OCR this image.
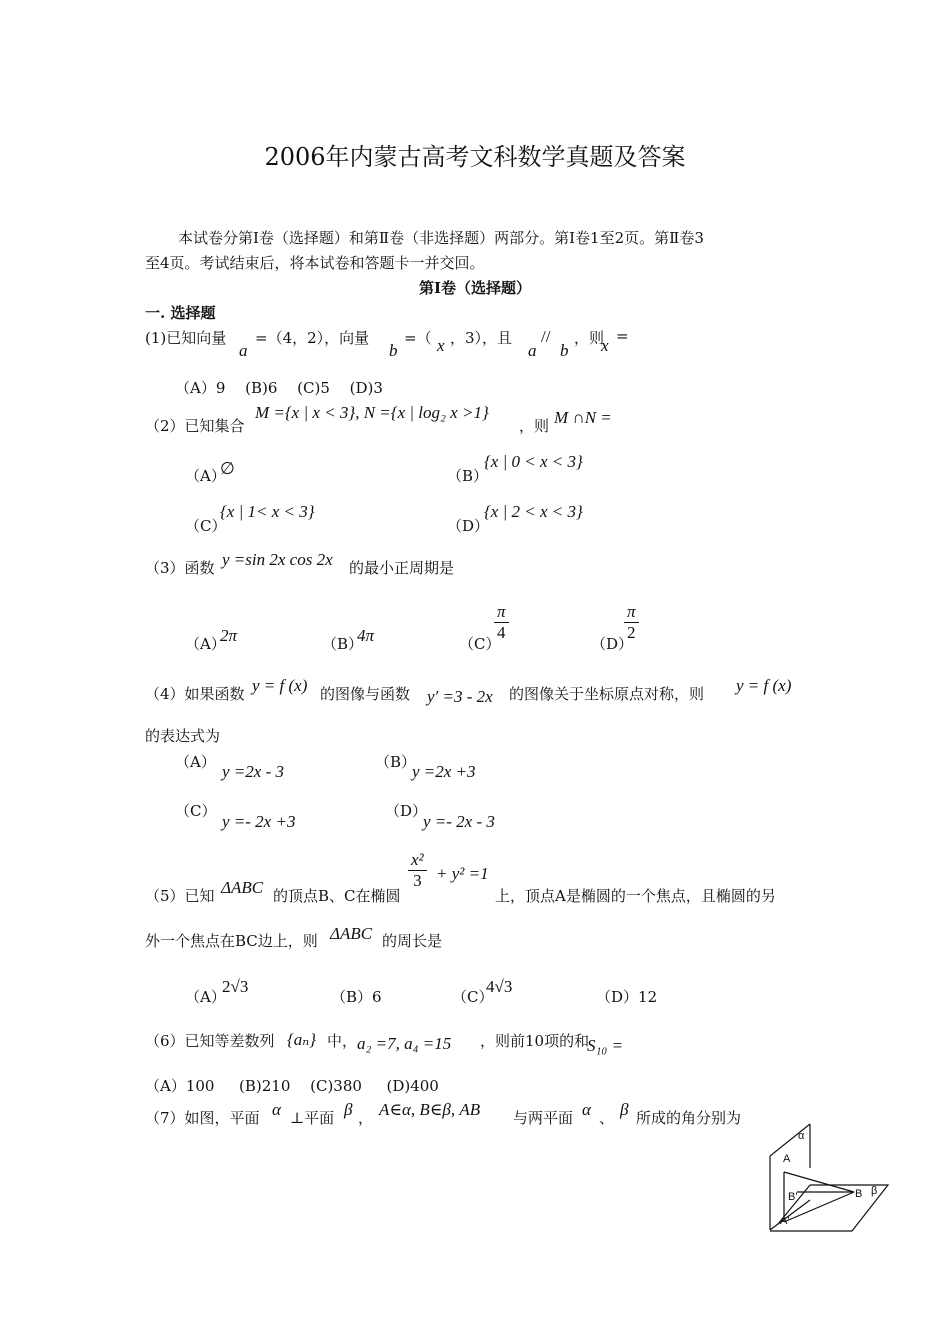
2006年内蒙古高考文科数学真题及答案
本试卷分第Ⅰ卷（选择题）和第Ⅱ卷（非选择题）两部分。第Ⅰ卷1至2页。第Ⅱ卷3
至4页。考试结束后，将本试卷和答题卡一并交回。
第Ⅰ卷（选择题）
一. 选择题
(1)已知向量
a
=（4，2），向量
b
=（ x ，3），且
a
//
b
，则
x =
（A）9 　(B)6 　(C)5 　(D)3
（2）已知集合
M ={x | x < 3}, N ={x | log₂ x >1}
，则 M ∩N =
（A）
∅	（B）
{x | 0 < x < 3}
（C）
{x | 1< x < 3}
（D）
{x | 2 < x < 3}
（3）函数 y =sin 2x cos 2x 的最小正周期是
（A）
2π	（B）
4π	（C）
$\frac{\pi}{4}$
（D）
$\frac{\pi}{2}$
（4）如果函数 y = f (x) 的图像与函数 y′ =3 - 2x 的图像关于坐标原点对称，则 y = f (x)
的表达式为
（A） y =2x - 3	（B）
y =2x +3
（C）
y =- 2x +3
（D）
y =- 2x - 3
（5）已知 ΔABC 的顶点B、C在椭圆
$\frac{\text{x²}}{3} + y^2 =1$
上，顶点A是椭圆的一个焦点，且椭圆的另
外一个焦点在BC边上，则 ΔABC 的周长是
（A）
2√3
（B）6	（C）
4√3
（D）12
（6）已知等差数列 {aₙ} 中， a₂ =7, a₄ =15 ，则前10项的和
S₁₀ =
（A）100 　 (B)210 　(C)380 　 (D)400
（7）如图，平面 α ⊥平面 β ， A∈α, B∈β, AB 与两平面 α 、 β 所成的角分别为
α
A
B'	B β
A'
